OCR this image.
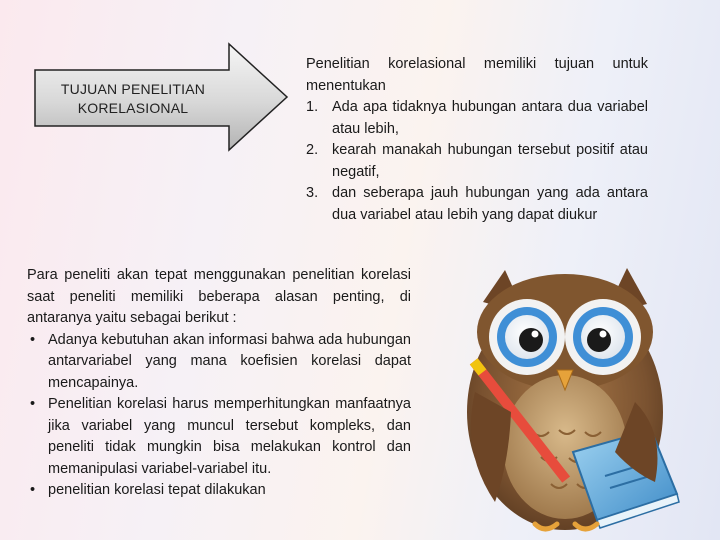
TUJUAN PENELITIAN
KORELASIONAL

Penelitian korelasional memiliki tujuan untuk menentukan

1. Ada apa tidaknya hubungan antara dua variabel atau lebih,
2. kearah manakah hubungan tersebut positif atau negatif,
3. dan seberapa jauh hubungan yang ada antara dua variabel atau lebih yang dapat diukur

Para peneliti akan tepat menggunakan penelitian korelasi saat peneliti memiliki beberapa alasan penting, di antaranya yaitu sebagai berikut :

• Adanya kebutuhan akan informasi bahwa ada hubungan antarvariabel yang mana koefisien korelasi dapat mencapainya.
• Penelitian korelasi harus memperhitungkan manfaatnya jika variabel yang muncul tersebut kompleks, dan peneliti tidak mungkin bisa melakukan kontrol dan memanipulasi variabel-variabel itu.
• penelitian korelasi tepat dilakukan
